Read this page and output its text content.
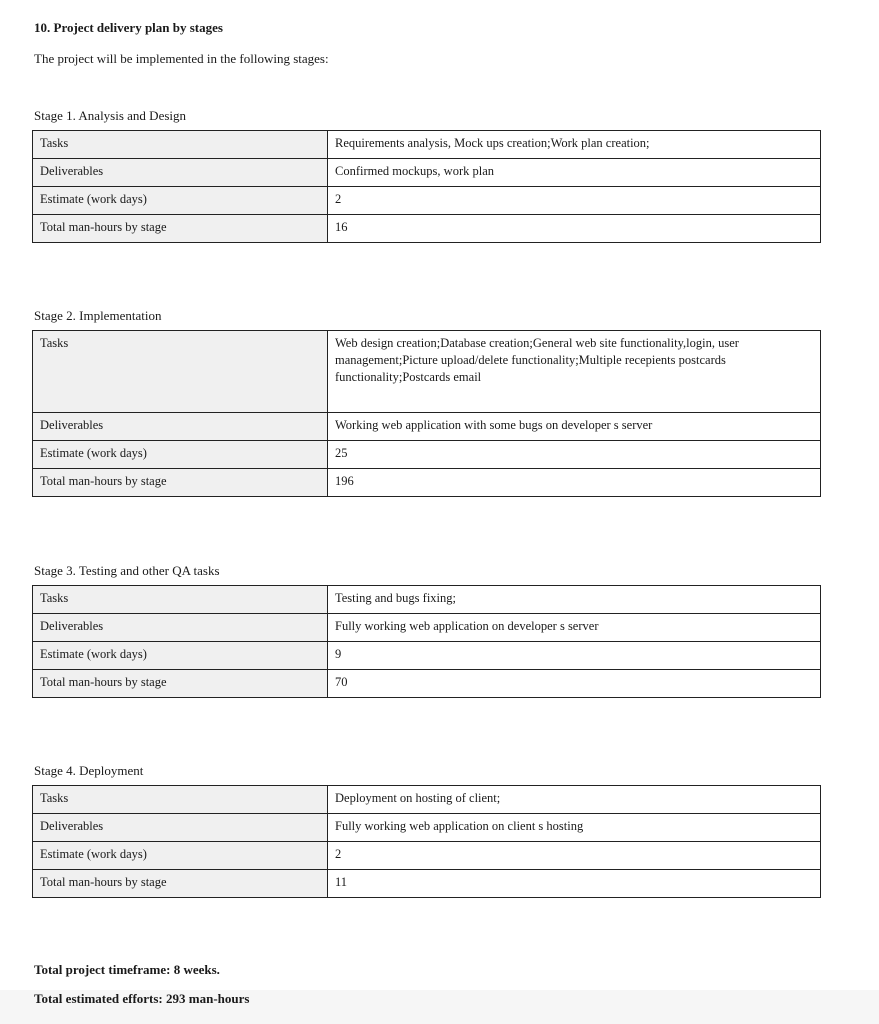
10. Project delivery plan by stages

The project will be implemented in the following stages:

Stage 1. Analysis and Design

Tasks	Requirements analysis, Mock ups creation;Work plan creation;
Deliverables	Confirmed mockups, work plan
Estimate (work days)	2
Total man-hours by stage	16

Stage 2. Implementation

Tasks	Web design creation;Database creation;General web site functionality,login, user management;Picture upload/delete functionality;Multiple recepients postcards functionality;Postcards email
Deliverables	Working web application with some bugs on developer s server
Estimate (work days)	25
Total man-hours by stage	196

Stage 3. Testing and other QA tasks

Tasks	Testing and bugs fixing;
Deliverables	Fully working web application on developer s server
Estimate (work days)	9
Total man-hours by stage	70

Stage 4. Deployment

Tasks	Deployment on hosting of client;
Deliverables	Fully working web application on client s hosting
Estimate (work days)	2
Total man-hours by stage	11

Total project timeframe: 8 weeks.

Total estimated efforts: 293 man-hours
